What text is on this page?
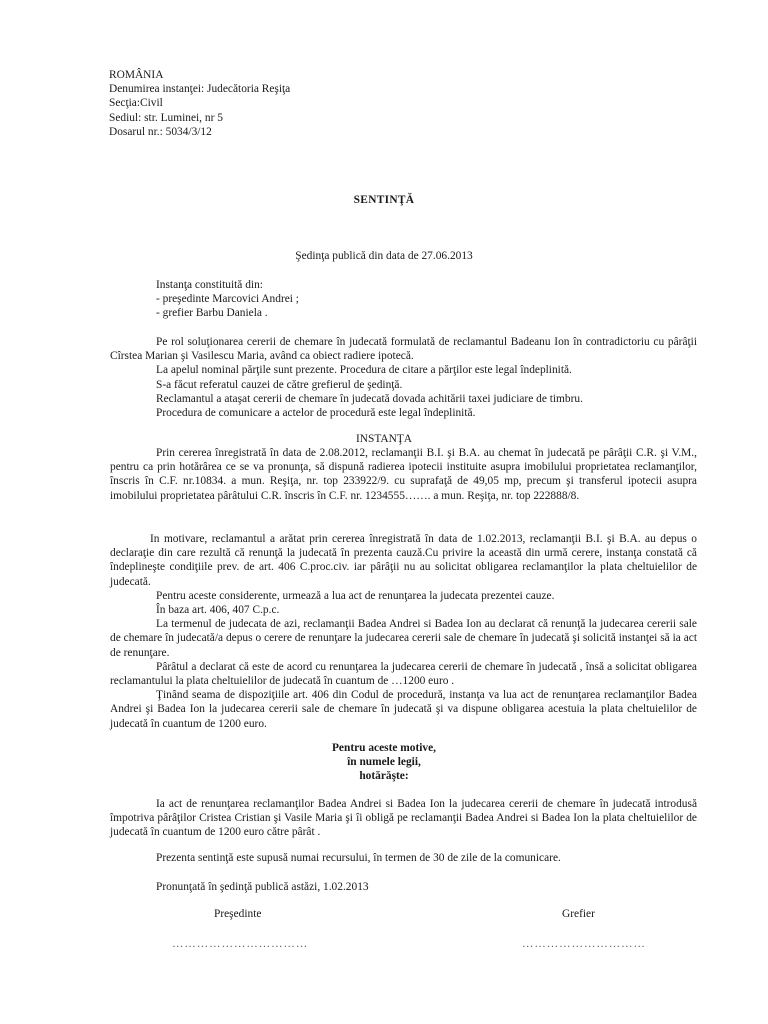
ROMÂNIA
Denumirea instanţei: Judecătoria Reşiţa
Secţia:Civil
Sediul: str. Luminei, nr 5
Dosarul nr.: 5034/3/12
SENTINŢĂ
Şedinţa publică din data de 27.06.2013
Instanţa constituită din:
- preşedinte Marcovici Andrei ;
- grefier Barbu Daniela .
Pe rol soluţionarea cererii de chemare în judecată formulată de reclamantul Badeanu Ion în contradictoriu cu pârâţii Cîrstea Marian şi Vasilescu Maria, având ca obiect radiere ipotecă.
La apelul nominal părţile sunt prezente. Procedura de citare a părţilor este legal îndeplinită.
S-a făcut referatul cauzei de către grefierul de şedinţă.
Reclamantul a ataşat cererii de chemare în judecată dovada achitării taxei judiciare de timbru.
Procedura de comunicare a actelor de procedură este legal îndeplinită.
INSTANŢA
Prin cererea înregistrată în data de 2.08.2012, reclamanţii B.I. şi B.A. au chemat în judecată pe pârâţii C.R. şi V.M., pentru ca prin hotărârea ce se va pronunţa, să dispună radierea ipotecii instituite asupra imobilului proprietatea reclamanţilor, înscris în C.F. nr.10834. a mun. Reşiţa, nr. top 233922/9. cu suprafaţă de 49,05 mp, precum şi transferul ipotecii asupra imobilului proprietatea pârâtului C.R. înscris în C.F. nr. 1234555……. a mun. Reşiţa, nr. top 222888/8.
In motivare, reclamantul a arătat prin cererea înregistrată în data de 1.02.2013, reclamanţii B.I. şi B.A. au depus o declaraţie din care rezultă că renunţă la judecată în prezenta cauză.Cu privire la această din urmă cerere, instanţa constată că îndeplineşte condiţiile prev. de art. 406 C.proc.civ. iar pârâţii nu au solicitat obligarea reclamanţilor la plata cheltuielilor de judecată.
Pentru aceste considerente, urmează a lua act de renunţarea la judecata prezentei cauze.
În baza art. 406, 407 C.p.c.
La termenul de judecata de azi, reclamanţii Badea Andrei si Badea Ion au declarat că renunţă la judecarea cererii sale de chemare în judecată/a depus o cerere de renunţare la judecarea cererii sale de chemare în judecată şi solicită instanţei să ia act de renunţare.
Pârâtul a declarat că este de acord cu renunţarea la judecarea cererii de chemare în judecată , însă a solicitat obligarea reclamantului la plata cheltuielilor de judecată în cuantum de …1200 euro .
Ţinând seama de dispoziţiile art. 406 din Codul de procedură, instanţa va lua act de renunţarea reclamanţilor Badea Andrei şi Badea Ion la judecarea cererii sale de chemare în judecată şi va dispune obligarea acestuia la plata cheltuielilor de judecată în cuantum de 1200 euro.
Pentru aceste motive,
în numele legii,
hotărăşte:
Ia act de renunţarea reclamanţilor Badea Andrei si Badea Ion la judecarea cererii de chemare în judecată introdusă împotriva pârâţilor Cristea Cristian şi Vasile Maria şi îi obligă pe reclamanţii Badea Andrei si Badea Ion la plata cheltuielilor de judecată în cuantum de 1200 euro către pârât .
Prezenta sentinţă este supusă numai recursului, în termen de 30 de zile de la comunicare.
Pronunţată în şedinţă publică astăzi, 1.02.2013
Preşedinte	Grefier
……………………………	…………………………
